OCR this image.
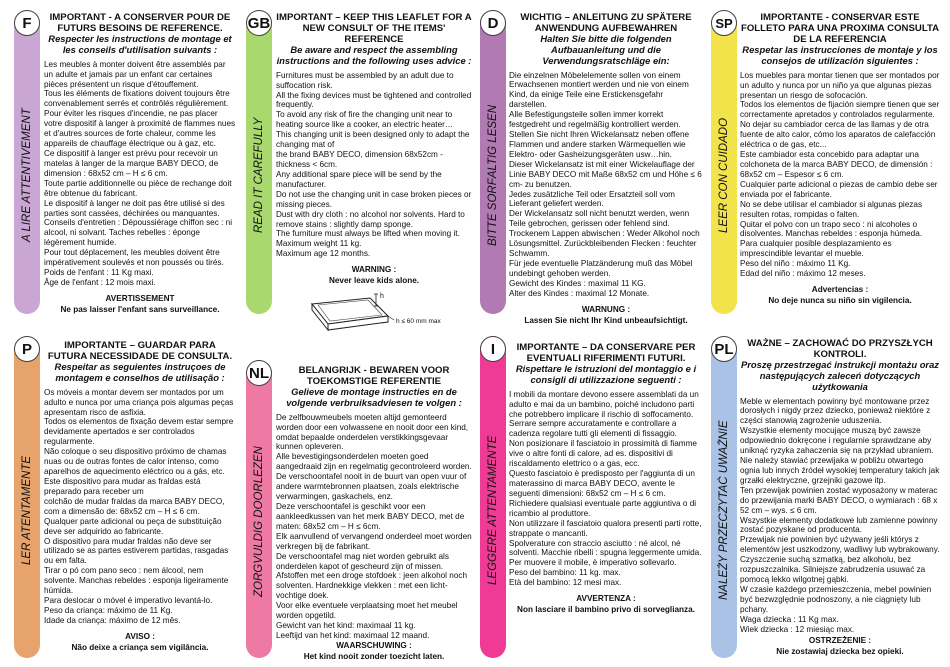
F
A LIRE ATTENTIVEMENT
IMPORTANT - A CONSERVER POUR DE FUTURS BESOINS DE REFERENCE.
Respecter les instructions de montage et les conseils d'utilisation suivants :

Les meubles à monter doivent être assemblés par un adulte et jamais par un enfant car certaines pièces présentent un risque d'étouffement.

Tous les éléments de fixations doivent toujours être convenablement serrés et contrôlés régulièrement.

Pour éviter les risques d'incendie, ne pas placer votre dispositif à langer à proximité de flammes nues et d'autres sources de forte chaleur, comme les appareils de chauffage électrique ou à gaz, etc.

Ce dispositif à langer est prévu pour recevoir un matelas à langer de la marque BABY DECO, de dimension : 68x52 cm – H ≤ 6 cm.

Toute partie additionnelle ou pièce de rechange doit être obtenue du fabricant.

Le dispositif à langer ne doit pas être utilisé si des parties sont cassées, déchirées ou manquantes.

Conseils d'entretien : Dépoussiérage chiffon sec : ni alcool, ni solvant. Taches rebelles : éponge légèrement humide.

Pour tout déplacement, les meubles doivent être impérativement soulevés et non poussés ou tirés.

Poids de l'enfant : 11 Kg maxi.

Âge de l'enfant : 12 mois maxi.

AVERTISSEMENT

Ne pas laisser l'enfant sans surveillance.

GB
READ IT CAREFULLY
IMPORTANT – KEEP THIS LEAFLET FOR A NEW CONSULT OF THE ITEMS' REFERENCE
Be aware and respect the assembling instructions and the following uses advice :

Furnitures must be assembled by an adult due to suffocation risk.

All the fixing devices must be tightened and controlled frequently.

To avoid any risk of fire the changing unit near to heating source like a cooker, an electric heater…

This changing unit is been designed only to adapt the changing mat of

the brand BABY DECO, dimension 68x52cm - thickness < 6cm.

Any additional spare piece will be send by the manufacturer.

Do not use the changing unit in case broken pieces or missing pieces.

Dust with dry cloth : no alcohol nor solvents. Hard to remove stains : slightly damp sponge.

The furniture must always be lifted when moving it.

Maximum weight 11 kg.

Maximum age 12 months.

WARNING :

Never leave kids alone.

h
h ≤ 60 mm max
D
BITTE SORFÄLTIG LESEN
WICHTIG – ANLEITUNG ZU SPÄTERE ANWENDUNG AUFBEWAHREN
Halten Sie bitte die folgenden Aufbauanleitung und die Verwendungsratschläge ein:

Die einzelnen Möbelelemente sollen von einem Erwachsenen montiert werden und nie von einem Kind, da einige Teile eine Erstickensgefahr darstellen.

Alle Befestigungsteile sollen immer korrekt festgedreht und regelmäßig kontrolliert werden.

Stellen Sie nicht Ihren Wickelansatz neben offene Flammen und andere starken Wärmequellen wie Elektro- oder Gasheizungsgeräten usw…hin.

Dieser Wickelansatz ist mit einer Wickelauflage der Linie BABY DECO mit Maße 68x52 cm und Höhe ≤ 6 cm- zu benutzen.

Jedes zusätzliche Teil oder Ersatzteil soll vom Lieferant geliefert werden.

Der Wickelansatz soll nicht benutzt werden, wenn Teile gebrochen, gerissen oder fehlend sind.

Trockenem Lappen abwischen : Weder Alkohol noch Lösungsmittel. Zurückbleibenden Flecken : feuchter Schwamm.

Für jede eventuelle Platzänderung muß das Möbel undebingt gehoben werden.

Gewicht des Kindes : maximal 11 KG.

Alter des Kindes : maximal 12 Monate.

WARNUNG :

Lassen Sie nicht Ihr Kind unbeaufsichtigt.

SP
LEER CON CUIDADO
IMPORTANTE - CONSERVAR ESTE FOLLETO PARA UNA PROXIMA CONSULTA DE LA REFERENCIA
Respetar las instrucciones de montaje y los consejos de utilización siguientes :

Los muebles para montar tienen que ser montados por un adulto y nunca por un niño ya que algunas piezas presentan un riesgo de sofocación.

Todos los elementos de fijación siempre tienen que ser correctamente apretados y controlados regularmente.

No dejar su cambiador cerca de las llamas y de otra fuente de alto calor, cómo los aparatos de calefacción eléctrica o de gas, etc...

Este cambiador esta concebido para adaptar una colchoneta de la marca BABY DECO, de dimensión : 68x52 cm – Espesor ≤ 6 cm.

Cualquier parte adicional o piezas de cambio debe ser enviada por el fabricante.

No se debe utilisar el cambiador si algunas piezas resulten rotas, rompidas o falten.

Quitar el polvo con un trapo seco : ni alcoholes o disolventes. Manchas rebeldes : esponja húmeda.

Para cualquier posible desplazamiento es imprescindible levantar el mueble.

Peso del niño : máximo 11 Kg.

Edad del niño : máximo 12 meses.

Advertencias :

No deje nunca su niño sin vigilencia.

P
LER ATENTAMENTE
IMPORTANTE – GUARDAR PARA FUTURA NECESSIDADE DE CONSULTA.
Respeitar as seguientes instruçoes de montagem e conselhos de utilisação :

Os móveis a montar devem ser montados por um adulto e nunca por uma criança pois algumas peças apresentam risco de asfixia.

Todos os elementos de fixação devem estar sempre devidamente apertados e ser controlados regularmente.

Não coloque o seu dispositivo próximo de chamas nuas ou de outras fontes de calor intenso, como aparelhos de aquecimento eléctrico ou a gás, etc.

Este dispositivo para mudar as fraldas está preparado para receber um

colchão de mudar fraldas da marca BABY DECO, com a dimensão de: 68x52 cm – H ≤ 6 cm.

Qualquer parte adicional ou peça de substituição deve ser adquirido ao fabricante.

O dispositivo para mudar fraldas não deve ser utilizado se as partes estiverem partidas, rasgadas ou em falta.

Tirar o pó com pano seco : nem álcool, nem solvente. Manchas rebeldes : esponja ligeiramente húmida.

Para deslocar o móvel é imperativo levantá-lo.

Peso da criança: máximo de 11 Kg.

Idade da criança: máximo de 12 mês.

AVISO :

Não deixe a criança sem vigilância.

NL
ZORGVULDIG DOORLEZEN
BELANGRIJK - BEWAREN VOOR TOEKOMSTIGE REFERENTIE
Gelieve de montage instructies en de volgende verbruiksadviesen te volgen :

De zelfbouwmeubels moeten altijd gemonteerd worden door een volwassene en nooit door een kind, omdat bepaalde onderdelen verstikkingsgevaar kunnen opleveren.

Alle bevestigingsonderdelen moeten goed aangedraaid zijn en regelmatig gecontroleerd worden.

De verschoontafel nooit in de buurt van open vuur of andere warmtebronnen plaatsen, zoals elektrische verwarmingen, gaskachels, enz.

Deze verschoontafel is geschikt voor een aankleedkussen van het merk BABY DECO, met de maten: 68x52 cm – H ≤ 6cm.

Elk aanvullend of vervangend onderdeel moet worden verkregen bij de fabrikant.

De verschoontafel mag niet worden gebruikt als onderdelen kapot of gescheurd zijn of missen.

Afstoffen met een droge stofdoek : jeen alkohol noch solventen. Hardnekkige vlekken : met een licht-vochtige doek.

Voor elke eventuele verplaatsing moet het meubel worden opgetild.

Gewicht van het kind: maximaal 11 kg.

Leeftijd van het kind: maximaal 12 maand.

WAARSCHUWING :

Het kind nooit zonder toezicht laten.

I
LEGGERE ATTENTAMENTE
IMPORTANTE – DA CONSERVARE PER EVENTUALI RIFERIMENTI FUTURI.
Rispettare le istruzioni del montaggio e i consigli di utilizzazione seguenti :

I mobili da montare devono essere assemblati da un adulto e mai da un bambino, poiché includono parti che potrebbero implicare il rischio di soffocamento.

Serrare sempre accuratamente e controllare a cadenza regolare tutti gli elementi di fissaggio.

Non posizionare il fasciatoio in prossimità di fiamme vive o altre fonti di calore, ad es. dispositivi di riscaldamento elettrico o a gas, ecc.

Questo fasciatoio è predisposto per l'aggiunta di un materassino di marca BABY DECO, avente le seguenti dimensioni: 68x52 cm – H ≤ 6 cm.

Richiedere qualsiasi eventuale parte aggiuntiva o di ricambio al produttore.

Non utilizzare il fasciatoio qualora presenti parti rotte, strappate o mancanti.

Spolverature con straccio asciutto : né alcol, né solventi. Macchie ribelli : spugna leggermente umida.

Per muovere il mobile, è imperativo sollevarlo.

Peso del bambino: 11 kg. max.

Età del bambino: 12 mesi max.

AVVERTENZA :

Non lasciare il bambino privo di sorveglianza.

PL
NALEŻY PRZECZYTAĆ UWAŻNIE
WAŻNE – ZACHOWAĆ DO PRZYSZŁYCH KONTROLI.
Proszę przestrzegać instrukcji montażu oraz następujących zaleceń dotyczących użytkowania

Meble w elementach powinny być montowane przez dorosłych i nigdy przez dziecko, ponieważ niektóre z części stanowią zagrożenie uduszenia.

Wszystkie elementy mocujące muszą być zawsze odpowiednio dokręcone i regularnie sprawdzane aby uniknąć ryzyka zahaczenia się na przykład ubraniem.

Nie należy stawiać przewijaka w pobliżu otwartego ognia lub innych źródeł wysokiej temperatury takich jak grzałki elektryczne, grzejniki gazowe itp.

Ten przewijak powinien zostać wyposażony w materac do przewijania marki BABY DECO, o wymiarach : 68 x 52 cm – wys. ≤ 6 cm.

Wszystkie elementy dodatkowe lub zamienne powinny zostać pozyskane od producenta.

Przewijak nie powinien być używany jeśli którys z elementów jest uszkodzony, wadliwy lub wybrakowany.

Czyszczenie suchą szmatką, bez alkoholu, bez rozpuszczalnika. Silniejsze zabrudzenia usuwać za pomocą lekko wilgotnej gąbki.

W czasie każdego przemieszczenia, mebel powinien być bezwzględnie podnoszony, a nie ciągnięty lub pchany.

Waga dziecka : 11 Kg max.

Wiek dziecka : 12 miesiąc max.

OSTRZEŻENIE :

Nie zostawiaj dziecka bez opieki.
